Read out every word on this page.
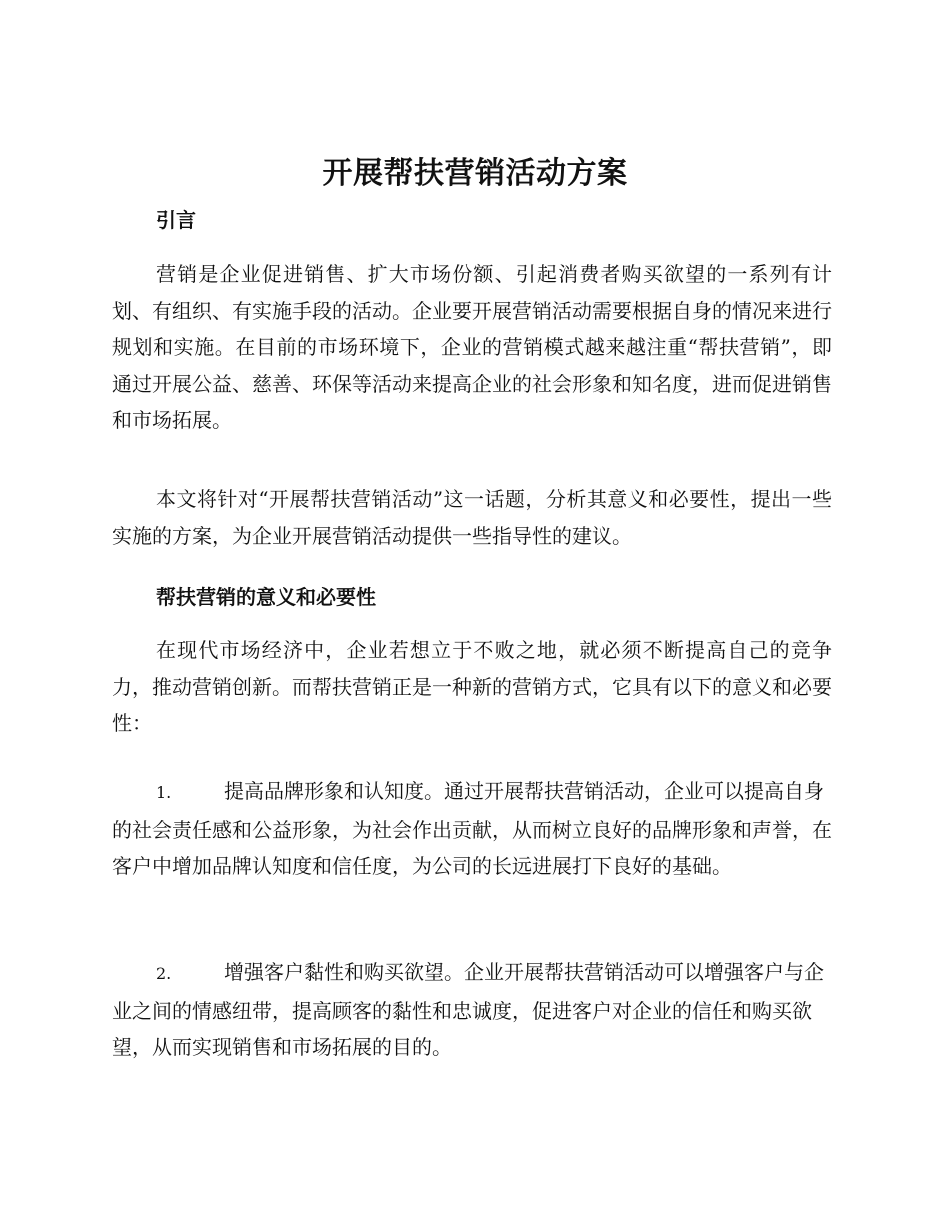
开展帮扶营销活动方案
引言

营销是企业促进销售、扩大市场份额、引起消费者购买欲望的一系列有计划、有组织、有实施手段的活动。企业要开展营销活动需要根据自身的情况来进行规划和实施。在目前的市场环境下，企业的营销模式越来越注重“帮扶营销”，即通过开展公益、慈善、环保等活动来提高企业的社会形象和知名度，进而促进销售和市场拓展。

本文将针对“开展帮扶营销活动”这一话题，分析其意义和必要性，提出一些实施的方案，为企业开展营销活动提供一些指导性的建议。

帮扶营销的意义和必要性

在现代市场经济中，企业若想立于不败之地，就必须不断提高自己的竞争力，推动营销创新。而帮扶营销正是一种新的营销方式，它具有以下的意义和必要性：

1.	提高品牌形象和认知度。通过开展帮扶营销活动，企业可以提高自身的社会责任感和公益形象，为社会作出贡献，从而树立良好的品牌形象和声誉，在客户中增加品牌认知度和信任度，为公司的长远进展打下良好的基础。

2.	增强客户黏性和购买欲望。企业开展帮扶营销活动可以增强客户与企业之间的情感纽带，提高顾客的黏性和忠诚度，促进客户对企业的信任和购买欲望，从而实现销售和市场拓展的目的。
